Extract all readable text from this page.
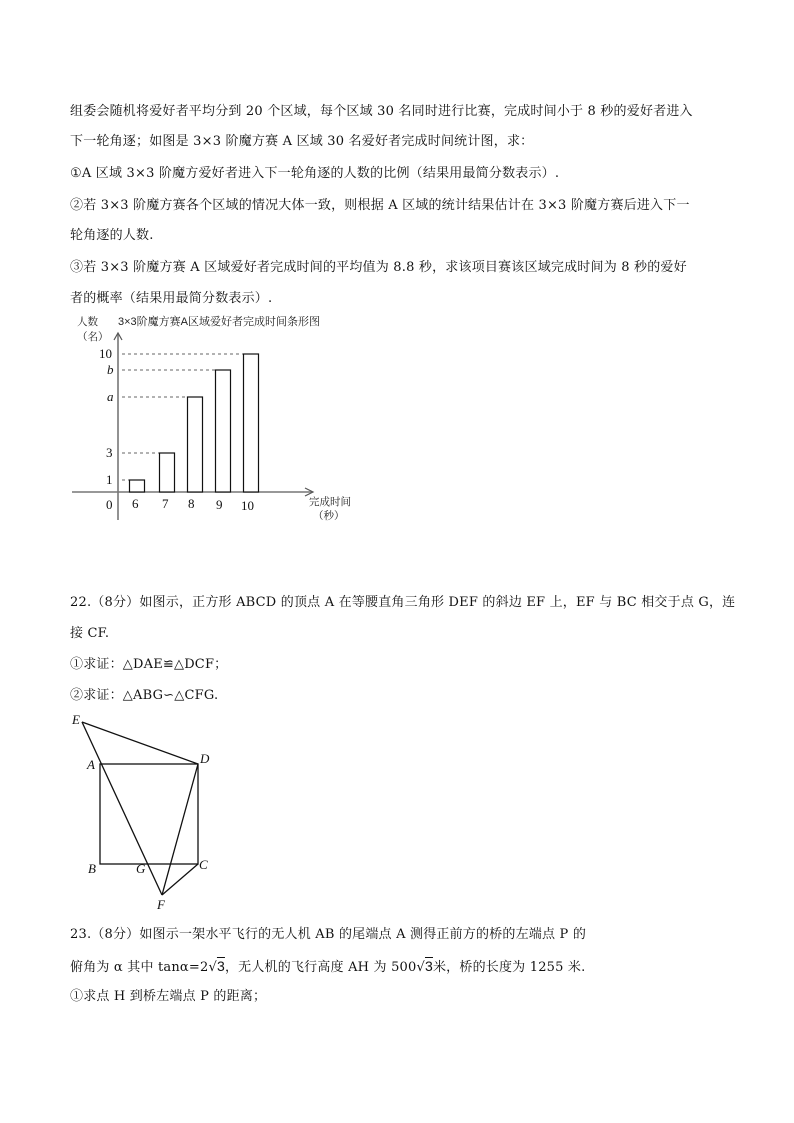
组委会随机将爱好者平均分到 20 个区域，每个区域 30 名同时进行比赛，完成时间小于 8 秒的爱好者进入
下一轮角逐；如图是 3×3 阶魔方赛 A 区域 30 名爱好者完成时间统计图，求：
①A 区域 3×3 阶魔方爱好者进入下一轮角逐的人数的比例（结果用最简分数表示）.
②若 3×3 阶魔方赛各个区域的情况大体一致，则根据 A 区域的统计结果估计在 3×3 阶魔方赛后进入下一
轮角逐的人数.
③若 3×3 阶魔方赛 A 区域爱好者完成时间的平均值为 8.8 秒，求该项目赛该区域完成时间为 8 秒的爱好
者的概率（结果用最简分数表示）.
3×3阶魔方赛A区域爱好者完成时间条形图
人数
（名）
完成时间
（秒）
10
b
a
3
1
0 6 7 8 9 10
22.（8分）如图示，正方形 ABCD 的顶点 A 在等腰直角三角形 DEF 的斜边 EF 上，EF 与 BC 相交于点 G，连
接 CF.
①求证：△DAE≌△DCF；
②求证：△ABG∽△CFG.
E
A	D
B	G	C
F
23.（8分）如图示一架水平飞行的无人机 AB 的尾端点 A 测得正前方的桥的左端点 P 的
俯角为 α 其中 tanα=2√3，无人机的飞行高度 AH 为 500√3米，桥的长度为 1255 米.
①求点 H 到桥左端点 P 的距离；
